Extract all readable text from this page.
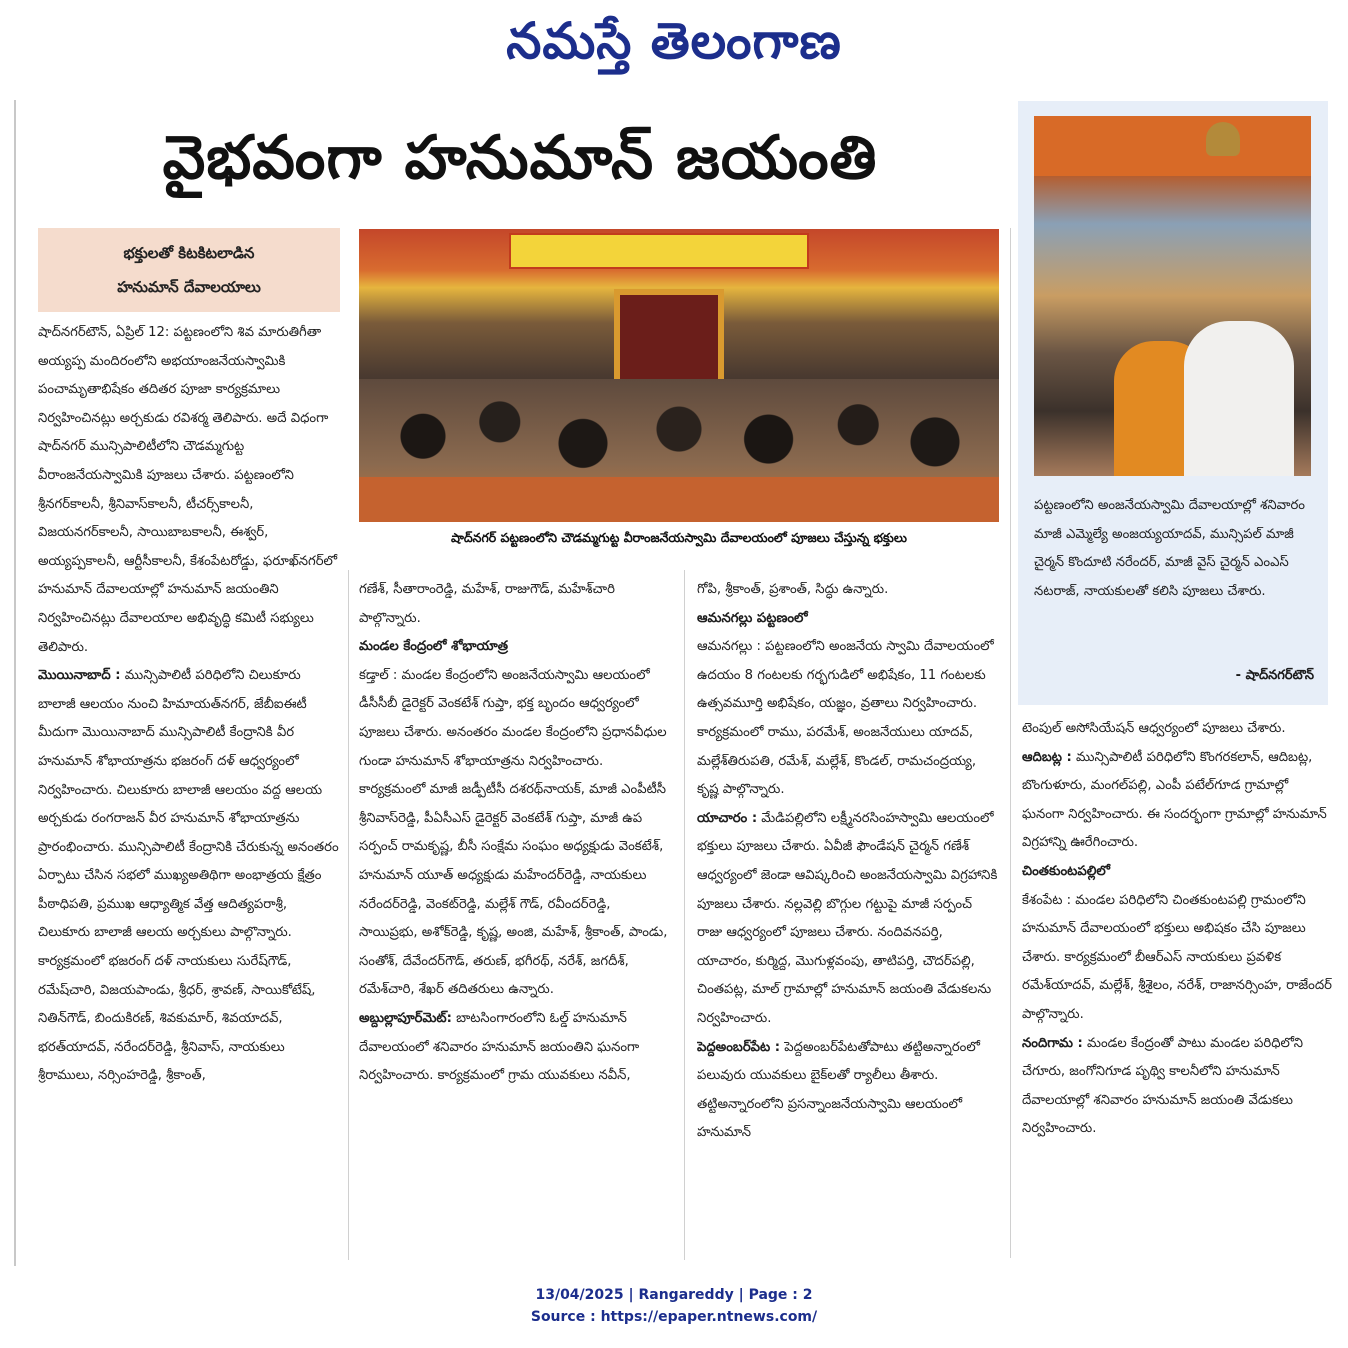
నమస్తే తెలంగాణ
వైభవంగా హనుమాన్ జయంతి
భక్తులతో కిటకిటలాడిన
హనుమాన్ దేవాలయాలు
షాద్‌నగర్ పట్టణంలోని చౌడమ్మగుట్ట వీరాంజనేయస్వామి దేవాలయంలో పూజలు చేస్తున్న భక్తులు
పట్టణంలోని అంజనేయస్వామి దేవాలయాల్లో శనివారం మాజీ ఎమ్మెల్యే అంజయ్యయాదవ్, మున్సిపల్ మాజీ చైర్మన్ కొందూటి నరేందర్, మాజీ వైస్ చైర్మన్ ఎంఎస్ నటరాజ్, నాయకులతో కలిసి పూజలు చేశారు.
- షాద్‌నగర్‌టౌన్

షాద్‌నగర్‌టౌన్, ఏప్రిల్ 12: పట్టణంలోని శివ మారుతిగీతా అయ్యప్ప మందిరంలోని అభయాంజనేయస్వామికి పంచామృతాభిషేకం తదితర పూజా కార్యక్రమాలు నిర్వహించినట్లు అర్చకుడు రవిశర్మ తెలిపారు. అదే విధంగా షాద్‌నగర్ మున్సిపాలిటీలోని చౌడమ్మగుట్ట వీరాంజనేయస్వామికి పూజలు చేశారు. పట్టణంలోని శ్రీనగర్‌కాలనీ, శ్రీనివాస్‌కాలనీ, టీచర్స్‌కాలనీ, విజయనగర్‌కాలనీ, సాయిబాబకాలనీ, ఈశ్వర్, అయ్యప్పకాలనీ, ఆర్టీసీకాలనీ, కేశంపేటరోడ్డు, ఫరూఖ్‌నగర్‌లో హనుమాన్ దేవాలయాల్లో హనుమాన్ జయంతిని నిర్వహించినట్లు దేవాలయాల అభివృద్ధి కమిటీ సభ్యులు తెలిపారు.

మొయినాబాద్ : మున్సిపాలిటీ పరిధిలోని చిలుకూరు బాలాజీ ఆలయం నుంచి హిమాయత్‌నగర్, జేబీఐఈటీ మీదుగా మొయినాబాద్ మున్సిపాలిటీ కేంద్రానికి వీర హనుమాన్ శోభాయాత్రను భజరంగ్ దళ్ ఆధ్వర్యంలో నిర్వహించారు. చిలుకూరు బాలాజీ ఆలయం వద్ద ఆలయ అర్చకుడు రంగరాజన్ వీర హనుమాన్ శోభాయాత్రను ప్రారంభించారు. మున్సిపాలిటీ కేంద్రానికి చేరుకున్న అనంతరం ఏర్పాటు చేసిన సభలో ముఖ్యఅతిథిగా అంభాత్రయ క్షేత్రం పీఠాధిపతి, ప్రముఖ ఆధ్యాత్మిక వేత్త ఆదిత్యపరాశ్రీ, చిలుకూరు బాలాజీ ఆలయ అర్చకులు పాల్గొన్నారు. కార్యక్రమంలో భజరంగ్ దళ్ నాయకులు సురేష్‌గౌడ్, రమేష్‌చారి, విజయపాండు, శ్రీధర్, శ్రావణ్, సాయికోటేష్, నితిన్‌గౌడ్, బిందుకిరణ్, శివకుమార్, శివయాదవ్, భరత్‌యాదవ్, నరేందర్‌రెడ్డి, శ్రీనివాస్, నాయకులు శ్రీరాములు, నర్సింహరెడ్డి, శ్రీకాంత్,

గణేశ్, సీతారాంరెడ్డి, మహేశ్, రాజుగౌడ్, మహేశ్‌చారి పాల్గొన్నారు.

మండల కేంద్రంలో శోభాయాత్ర

కడ్తాల్ : మండల కేంద్రంలోని అంజనేయస్వామి ఆలయంలో డీసీసీబీ డైరెక్టర్ వెంకటేశ్ గుప్తా, భక్త బృందం ఆధ్వర్యంలో పూజలు చేశారు. అనంతరం మండల కేంద్రంలోని ప్రధానవీధుల గుండా హనుమాన్ శోభాయాత్రను నిర్వహించారు. కార్యక్రమంలో మాజీ జడ్పీటీసీ దశరథ్‌నాయక్, మాజీ ఎంపీటీసీ శ్రీనివాస్‌రెడ్డి, పీఏసీఎస్ డైరెక్టర్ వెంకటేశ్ గుప్తా, మాజీ ఉప సర్పంచ్ రామకృష్ణ, బీసీ సంక్షేమ సంఘం అధ్యక్షుడు వెంకటేశ్, హనుమాన్ యూత్ అధ్యక్షుడు మహేందర్‌రెడ్డి, నాయకులు నరేందర్‌రెడ్డి, వెంకట్‌రెడ్డి, మల్లేశ్ గౌడ్, రవీందర్‌రెడ్డి, సాయిప్రభు, అశోక్‌రెడ్డి, కృష్ణ, అంజి, మహేశ్, శ్రీకాంత్, పాండు, సంతోశ్, దేవేందర్‌గౌడ్, తరుణ్, భగీరథ్, నరేశ్, జగదీశ్, రమేశ్‌చారి, శేఖర్ తదితరులు ఉన్నారు.

అబ్దుల్లాపూర్‌మెట్: బాటసింగారంలోని ఓల్డ్ హనుమాన్ దేవాలయంలో శనివారం హనుమాన్ జయంతిని ఘనంగా నిర్వహించారు. కార్యక్రమంలో గ్రామ యువకులు నవీన్,

గోపి, శ్రీకాంత్, ప్రశాంత్, సిద్ధు ఉన్నారు.

ఆమనగల్లు పట్టణంలో

ఆమనగల్లు : పట్టణంలోని అంజనేయ స్వామి దేవాలయంలో ఉదయం 8 గంటలకు గర్భగుడిలో అభిషేకం, 11 గంటలకు ఉత్సవమూర్తి అభిషేకం, యజ్ఞం, వ్రతాలు నిర్వహించారు. కార్యక్రమంలో రాము, పరమేశ్, అంజనేయులు యాదవ్, మల్లేశ్‌తిరుపతి, రమేశ్, మల్లేశ్, కొండల్, రామచంద్రయ్య, కృష్ణ పాల్గొన్నారు.

యాచారం : మేడిపల్లిలోని లక్ష్మీనరసింహస్వామి ఆలయంలో భక్తులు పూజలు చేశారు. ఏవీజీ ఫౌండేషన్ చైర్మన్ గణేశ్ ఆధ్వర్యంలో జెండా ఆవిష్కరించి అంజనేయస్వామి విగ్రహానికి పూజలు చేశారు. నల్లవెల్లి బొగ్గుల గట్టుపై మాజీ సర్పంచ్ రాజు ఆధ్వర్యంలో పూజలు చేశారు. నందివనపర్తి, యాచారం, కుర్మిద్ద, మొగుళ్లవంపు, తాటిపర్తి, చౌదర్‌పల్లి, చింతపట్ల, మాల్ గ్రామాల్లో హనుమాన్ జయంతి వేడుకలను నిర్వహించారు.

పెద్దఅంబర్‌పేట : పెద్దఅంబర్‌పేటతోపాటు తట్టిఅన్నారంలో పలువురు యువకులు బైక్‌లతో ర్యాలీలు తీశారు. తట్టిఅన్నారంలోని ప్రసన్నాంజనేయస్వామి ఆలయంలో హనుమాన్

టెంపుల్ అసోసియేషన్ ఆధ్వర్యంలో పూజలు చేశారు.

ఆదిబట్ల : మున్సిపాలిటీ పరిధిలోని కొంగరకలాన్, ఆదిబట్ల, బొంగుళూరు, మంగల్‌పల్లి, ఎంపీ పటేల్‌గూడ గ్రామాల్లో ఘనంగా నిర్వహించారు. ఈ సందర్భంగా గ్రామాల్లో హనుమాన్ విగ్రహాన్ని ఊరేగించారు.

చింతకుంటపల్లిలో

కేశంపేట : మండల పరిధిలోని చింతకుంటపల్లి గ్రామంలోని హనుమాన్ దేవాలయంలో భక్తులు అభిషకం చేసి పూజలు చేశారు. కార్యక్రమంలో బీఆర్ఎస్ నాయకులు ప్రవళిక రమేశ్‌యాదవ్, మల్లేశ్, శ్రీశైలం, నరేశ్, రాజానర్సింహ, రాజేందర్ పాల్గొన్నారు.

నందిగామ : మండల కేంద్రంతో పాటు మండల పరిధిలోని చేగూరు, జంగోనిగూడ పృథ్వి కాలనీలోని హనుమాన్ దేవాలయాల్లో శనివారం హనుమాన్ జయంతి వేడుకలు నిర్వహించారు.

13/04/2025 | Rangareddy | Page : 2
Source : https://epaper.ntnews.com/
